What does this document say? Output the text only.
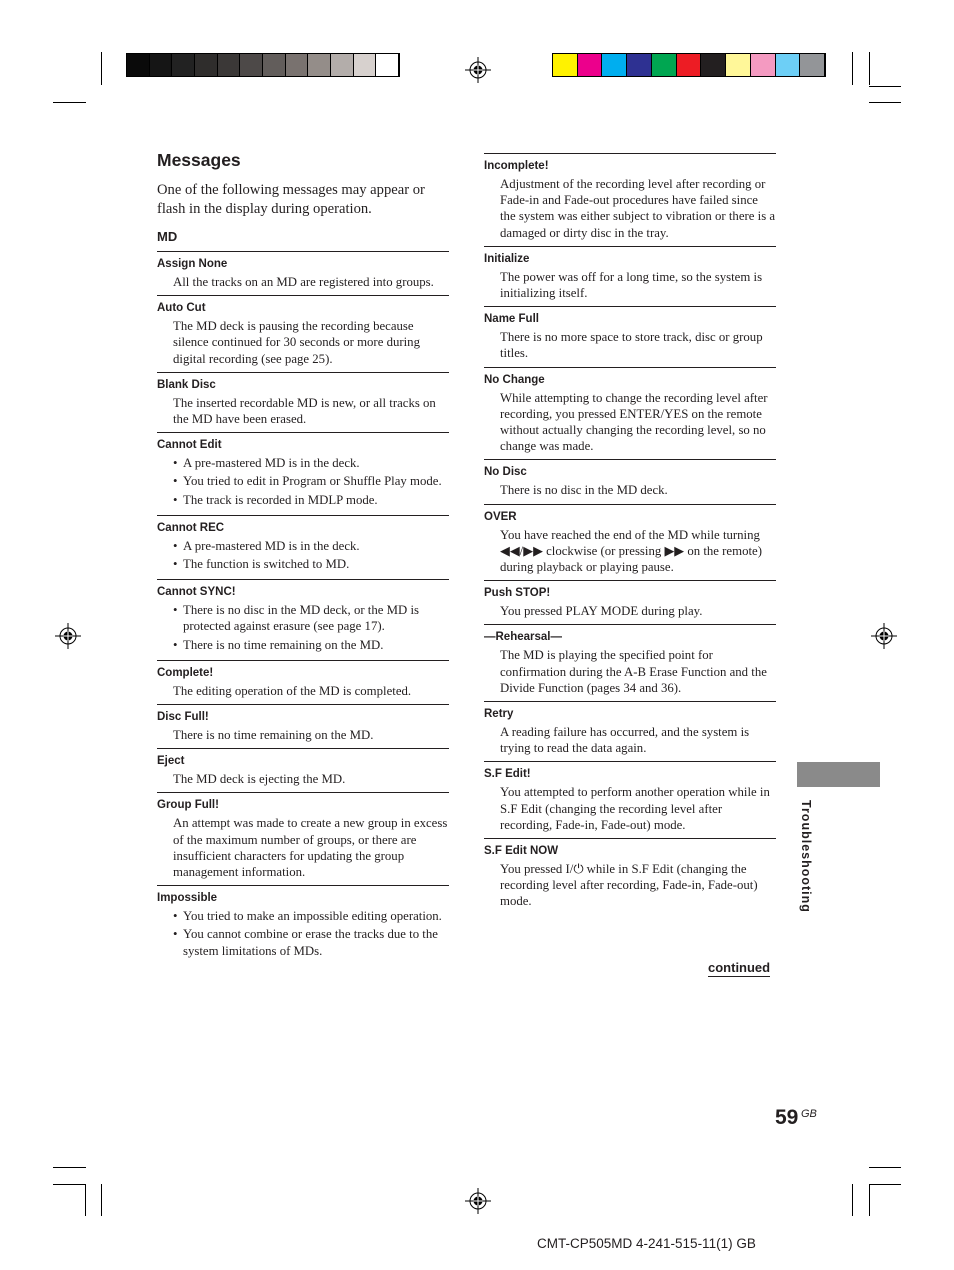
Messages

One of the following messages may appear or flash in the display during operation.

MD
Assign None
All the tracks on an MD are registered into groups.
Auto Cut
The MD deck is pausing the recording because silence continued for 30 seconds or more during digital recording (see page 25).
Blank Disc
The inserted recordable MD is new, or all tracks on the MD have been erased.
Cannot Edit
• A pre-mastered MD is in the deck.
• You tried to edit in Program or Shuffle Play mode.
• The track is recorded in MDLP mode.
Cannot REC
• A pre-mastered MD is in the deck.
• The function is switched to MD.
Cannot SYNC!
• There is no disc in the MD deck, or the MD is protected against erasure (see page 17).
• There is no time remaining on the MD.
Complete!
The editing operation of the MD is completed.
Disc Full!
There is no time remaining on the MD.
Eject
The MD deck is ejecting the MD.
Group Full!
An attempt was made to create a new group in excess of the maximum number of groups, or there are insufficient characters for updating the group management information.
Impossible
• You tried to make an impossible editing operation.
• You cannot combine or erase the tracks due to the system limitations of MDs.
Incomplete!
Adjustment of the recording level after recording or Fade-in and Fade-out procedures have failed since the system was either subject to vibration or there is a damaged or dirty disc in the tray.
Initialize
The power was off for a long time, so the system is initializing itself.
Name Full
There is no more space to store track, disc or group titles.
No Change
While attempting to change the recording level after recording, you pressed ENTER/YES on the remote without actually changing the recording level, so no change was made.
No Disc
There is no disc in the MD deck.
OVER
You have reached the end of the MD while turning ◀◀/▶▶ clockwise (or pressing ▶▶ on the remote) during playback or playing pause.
Push STOP!
You pressed PLAY MODE during play.
—Rehearsal—
The MD is playing the specified point for confirmation during the A-B Erase Function and the Divide Function (pages 34 and 36).
Retry
A reading failure has occurred, and the system is trying to read the data again.
S.F Edit!
You attempted to perform another operation while in S.F Edit (changing the recording level after recording, Fade-in, Fade-out) mode.
S.F Edit NOW
You pressed I/⏻ while in S.F Edit (changing the recording level after recording, Fade-in, Fade-out) mode.	Troubleshooting
continued
59 GB
CMT-CP505MD 4-241-515-11(1) GB
